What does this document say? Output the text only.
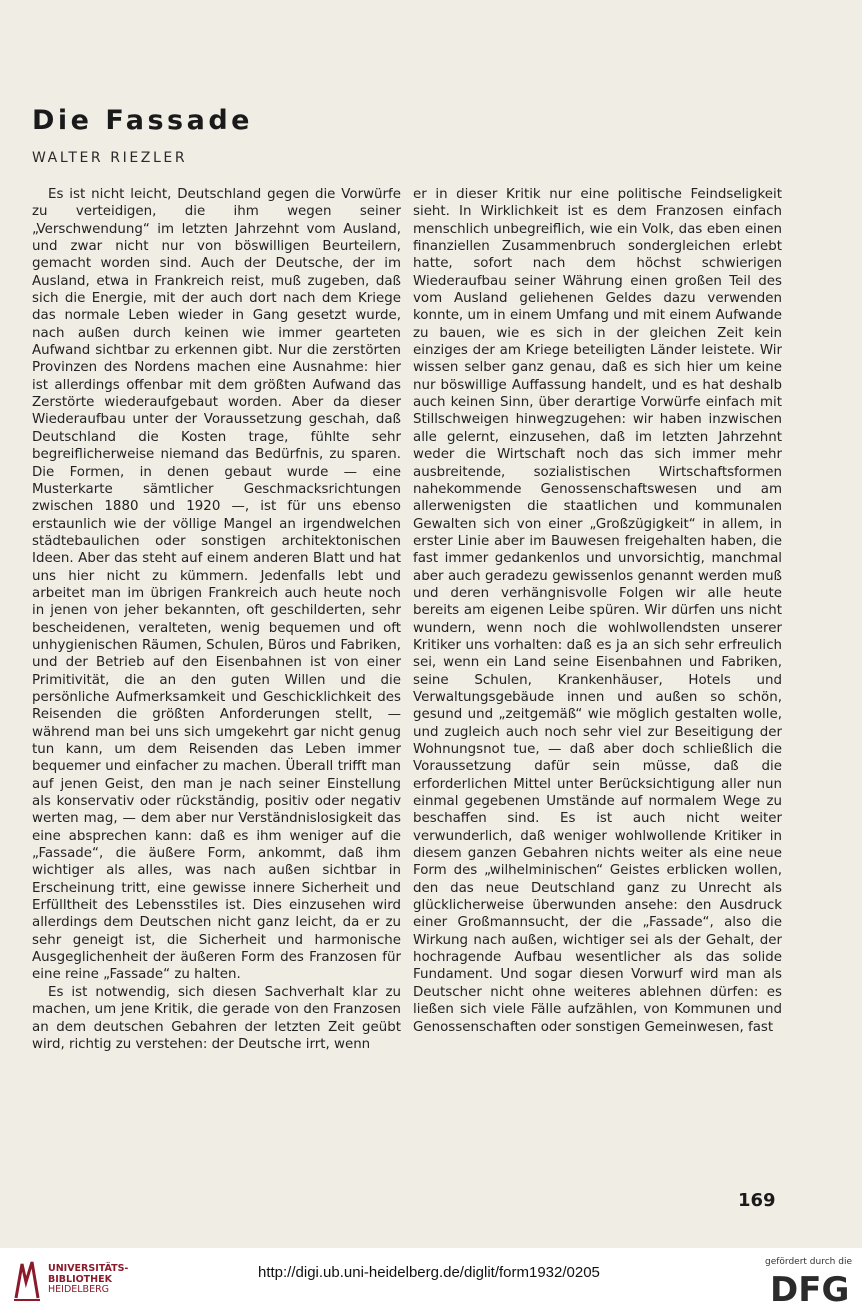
Die Fassade
WALTER RIEZLER

Es ist nicht leicht, Deutschland gegen die Vorwürfe zu verteidigen, die ihm wegen seiner „Verschwendung“ im letzten Jahrzehnt vom Ausland, und zwar nicht nur von böswilligen Beurteilern, gemacht worden sind. Auch der Deutsche, der im Ausland, etwa in Frankreich reist, muß zugeben, daß sich die Energie, mit der auch dort nach dem Kriege das normale Leben wieder in Gang gesetzt wurde, nach außen durch keinen wie immer gearteten Aufwand sichtbar zu erkennen gibt. Nur die zerstörten Provinzen des Nordens machen eine Ausnahme: hier ist allerdings offenbar mit dem größten Aufwand das Zerstörte wiederaufgebaut worden. Aber da dieser Wiederaufbau unter der Voraussetzung geschah, daß Deutschland die Kosten trage, fühlte sehr begreiflicherweise niemand das Bedürfnis, zu sparen. Die Formen, in denen gebaut wurde — eine Musterkarte sämtlicher Geschmacksrichtungen zwischen 1880 und 1920 —, ist für uns ebenso erstaunlich wie der völlige Mangel an irgendwelchen städtebaulichen oder sonstigen architektonischen Ideen. Aber das steht auf einem anderen Blatt und hat uns hier nicht zu kümmern. Jedenfalls lebt und arbeitet man im übrigen Frankreich auch heute noch in jenen von jeher bekannten, oft geschilderten, sehr bescheidenen, veralteten, wenig bequemen und oft unhygienischen Räumen, Schulen, Büros und Fabriken, und der Betrieb auf den Eisenbahnen ist von einer Primitivität, die an den guten Willen und die persönliche Aufmerksamkeit und Geschicklichkeit des Reisenden die größten Anforderungen stellt, — während man bei uns sich umgekehrt gar nicht genug tun kann, um dem Reisenden das Leben immer bequemer und einfacher zu machen. Überall trifft man auf jenen Geist, den man je nach seiner Einstellung als konservativ oder rückständig, positiv oder negativ werten mag, — dem aber nur Verständnislosigkeit das eine absprechen kann: daß es ihm weniger auf die „Fassade“, die äußere Form, ankommt, daß ihm wichtiger als alles, was nach außen sichtbar in Erscheinung tritt, eine gewisse innere Sicherheit und Erfülltheit des Lebensstiles ist. Dies einzusehen wird allerdings dem Deutschen nicht ganz leicht, da er zu sehr geneigt ist, die Sicherheit und harmonische Ausgeglichenheit der äußeren Form des Franzosen für eine reine „Fassade“ zu halten.

Es ist notwendig, sich diesen Sachverhalt klar zu machen, um jene Kritik, die gerade von den Franzosen an dem deutschen Gebahren der letzten Zeit geübt wird, richtig zu verstehen: der Deutsche irrt, wenn

er in dieser Kritik nur eine politische Feindseligkeit sieht. In Wirklichkeit ist es dem Franzosen einfach menschlich unbegreiflich, wie ein Volk, das eben einen finanziellen Zusammenbruch sondergleichen erlebt hatte, sofort nach dem höchst schwierigen Wiederaufbau seiner Währung einen großen Teil des vom Ausland geliehenen Geldes dazu verwenden konnte, um in einem Umfang und mit einem Aufwande zu bauen, wie es sich in der gleichen Zeit kein einziges der am Kriege beteiligten Länder leistete. Wir wissen selber ganz genau, daß es sich hier um keine nur böswillige Auffassung handelt, und es hat deshalb auch keinen Sinn, über derartige Vorwürfe einfach mit Stillschweigen hinwegzugehen: wir haben inzwischen alle gelernt, einzusehen, daß im letzten Jahrzehnt weder die Wirtschaft noch das sich immer mehr ausbreitende, sozialistischen Wirtschaftsformen nahekommende Genossenschaftswesen und am allerwenigsten die staatlichen und kommunalen Gewalten sich von einer „Großzügigkeit“ in allem, in erster Linie aber im Bauwesen freigehalten haben, die fast immer gedankenlos und unvorsichtig, manchmal aber auch geradezu gewissenlos genannt werden muß und deren verhängnisvolle Folgen wir alle heute bereits am eigenen Leibe spüren. Wir dürfen uns nicht wundern, wenn noch die wohlwollendsten unserer Kritiker uns vorhalten: daß es ja an sich sehr erfreulich sei, wenn ein Land seine Eisenbahnen und Fabriken, seine Schulen, Krankenhäuser, Hotels und Verwaltungsgebäude innen und außen so schön, gesund und „zeitgemäß“ wie möglich gestalten wolle, und zugleich auch noch sehr viel zur Beseitigung der Wohnungsnot tue, — daß aber doch schließlich die Voraussetzung dafür sein müsse, daß die erforderlichen Mittel unter Berücksichtigung aller nun einmal gegebenen Umstände auf normalem Wege zu beschaffen sind. Es ist auch nicht weiter verwunderlich, daß weniger wohlwollende Kritiker in diesem ganzen Gebahren nichts weiter als eine neue Form des „wilhelminischen“ Geistes erblicken wollen, den das neue Deutschland ganz zu Unrecht als glücklicherweise überwunden ansehe: den Ausdruck einer Großmannsucht, der die „Fassade“, also die Wirkung nach außen, wichtiger sei als der Gehalt, der hochragende Aufbau wesentlicher als das solide Fundament. Und sogar diesen Vorwurf wird man als Deutscher nicht ohne weiteres ablehnen dürfen: es ließen sich viele Fälle aufzählen, von Kommunen und Genossenschaften oder sonstigen Gemeinwesen, fast

169
UNIVERSITÄTS-
BIBLIOTHEK
HEIDELBERG
http://digi.ub.uni-heidelberg.de/diglit/form1932/0205
gefördert durch die
DFG
